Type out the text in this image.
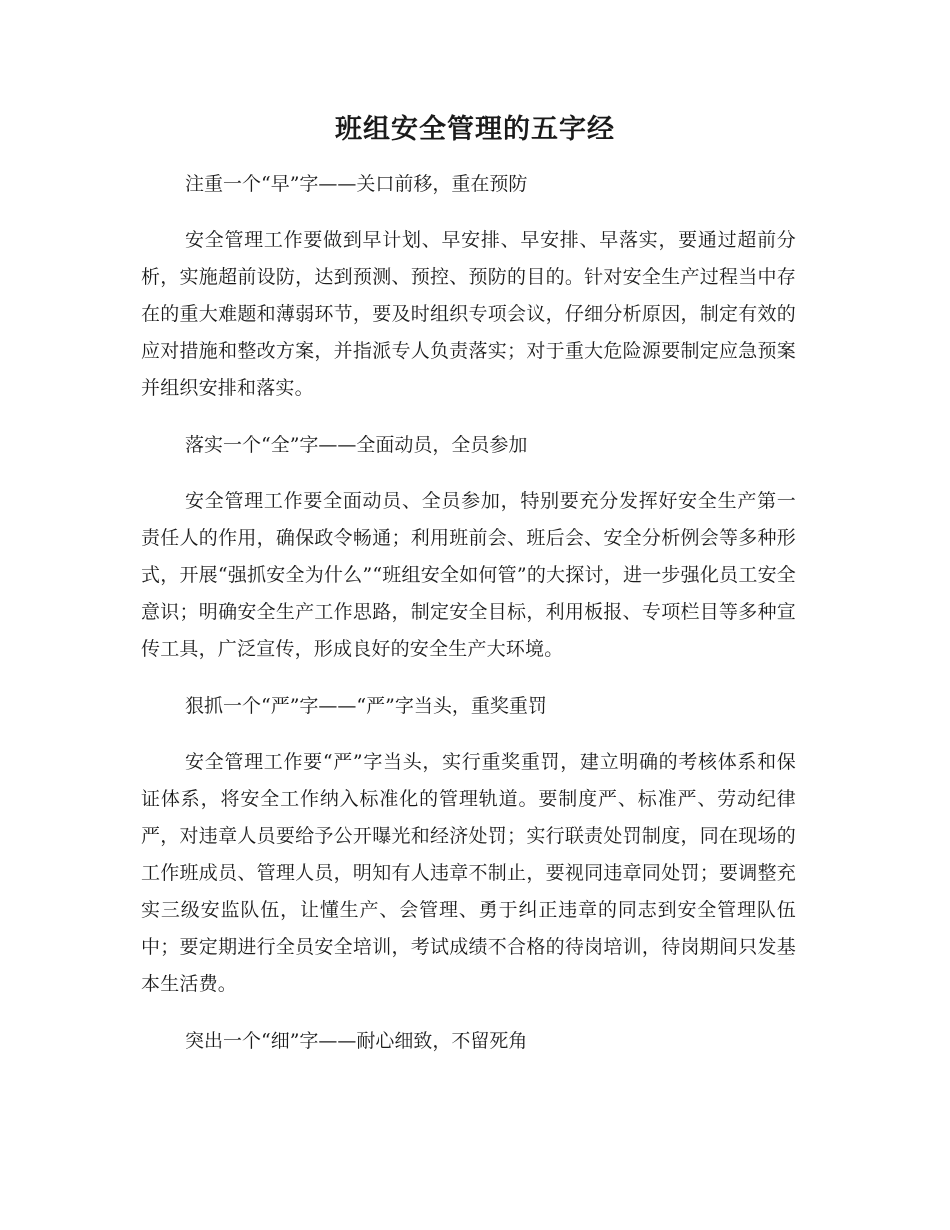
班组安全管理的五字经
注重一个“早”字——关口前移，重在预防
安全管理工作要做到早计划、早安排、早安排、早落实，要通过超前分析，实施超前设防，达到预测、预控、预防的目的。针对安全生产过程当中存在的重大难题和薄弱环节，要及时组织专项会议，仔细分析原因，制定有效的应对措施和整改方案，并指派专人负责落实；对于重大危险源要制定应急预案并组织安排和落实。
落实一个“全”字——全面动员，全员参加
安全管理工作要全面动员、全员参加，特别要充分发挥好安全生产第一责任人的作用，确保政令畅通；利用班前会、班后会、安全分析例会等多种形式，开展“强抓安全为什么”“班组安全如何管”的大探讨，进一步强化员工安全意识；明确安全生产工作思路，制定安全目标，利用板报、专项栏目等多种宣传工具，广泛宣传，形成良好的安全生产大环境。
狠抓一个“严”字——“严”字当头，重奖重罚
安全管理工作要“严”字当头，实行重奖重罚，建立明确的考核体系和保证体系，将安全工作纳入标准化的管理轨道。要制度严、标准严、劳动纪律严，对违章人员要给予公开曝光和经济处罚；实行联责处罚制度，同在现场的工作班成员、管理人员，明知有人违章不制止，要视同违章同处罚；要调整充实三级安监队伍，让懂生产、会管理、勇于纠正违章的同志到安全管理队伍中；要定期进行全员安全培训，考试成绩不合格的待岗培训，待岗期间只发基本生活费。
突出一个“细”字——耐心细致，不留死角
